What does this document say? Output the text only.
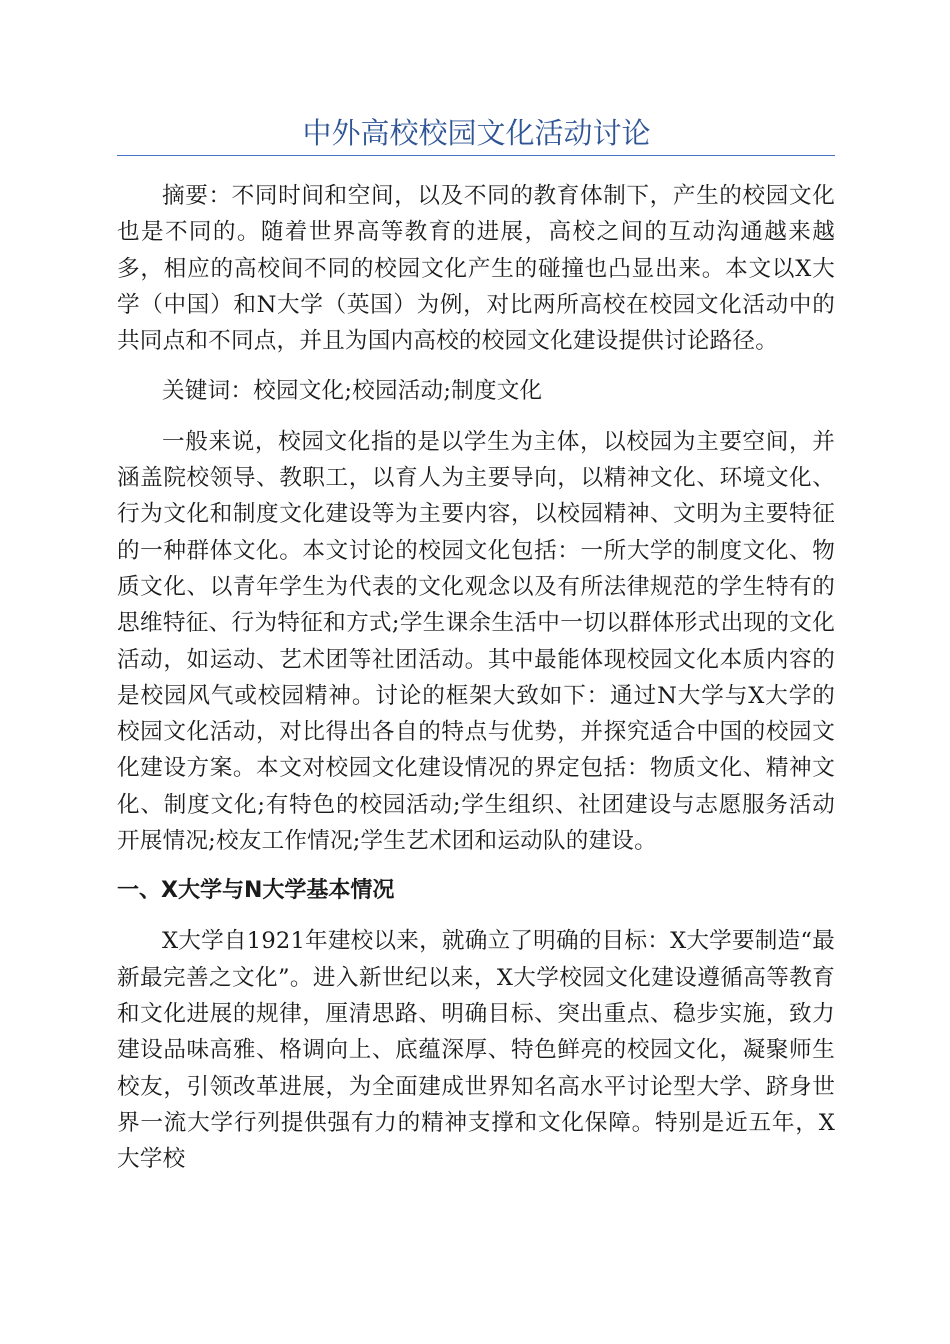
中外高校校园文化活动讨论

摘要：不同时间和空间，以及不同的教育体制下，产生的校园文化也是不同的。随着世界高等教育的进展，高校之间的互动沟通越来越多，相应的高校间不同的校园文化产生的碰撞也凸显出来。本文以X大学（中国）和N大学（英国）为例，对比两所高校在校园文化活动中的共同点和不同点，并且为国内高校的校园文化建设提供讨论路径。

关键词：校园文化;校园活动;制度文化

一般来说，校园文化指的是以学生为主体，以校园为主要空间，并涵盖院校领导、教职工，以育人为主要导向，以精神文化、环境文化、行为文化和制度文化建设等为主要内容，以校园精神、文明为主要特征的一种群体文化。本文讨论的校园文化包括：一所大学的制度文化、物质文化、以青年学生为代表的文化观念以及有所法律规范的学生特有的思维特征、行为特征和方式;学生课余生活中一切以群体形式出现的文化活动，如运动、艺术团等社团活动。其中最能体现校园文化本质内容的是校园风气或校园精神。讨论的框架大致如下：通过N大学与X大学的校园文化活动，对比得出各自的特点与优势，并探究适合中国的校园文化建设方案。本文对校园文化建设情况的界定包括：物质文化、精神文化、制度文化;有特色的校园活动;学生组织、社团建设与志愿服务活动开展情况;校友工作情况;学生艺术团和运动队的建设。

一、X大学与N大学基本情况

X大学自1921年建校以来，就确立了明确的目标：X大学要制造“最新最完善之文化”。进入新世纪以来，X大学校园文化建设遵循高等教育和文化进展的规律，厘清思路、明确目标、突出重点、稳步实施，致力建设品味高雅、格调向上、底蕴深厚、特色鲜亮的校园文化，凝聚师生校友，引领改革进展，为全面建成世界知名高水平讨论型大学、跻身世界一流大学行列提供强有力的精神支撑和文化保障。特别是近五年，X大学校
